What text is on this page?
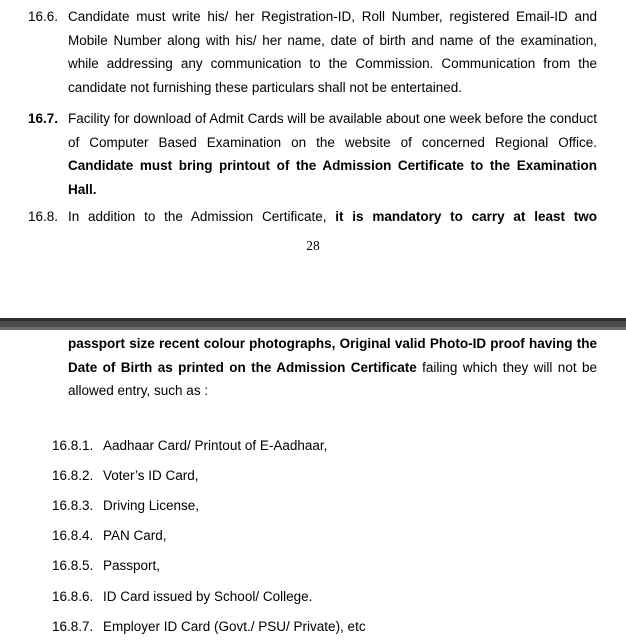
16.6. Candidate must write his/ her Registration-ID, Roll Number, registered Email-ID and Mobile Number along with his/ her name, date of birth and name of the examination, while addressing any communication to the Commission. Communication from the candidate not furnishing these particulars shall not be entertained.
16.7. Facility for download of Admit Cards will be available about one week before the conduct of Computer Based Examination on the website of concerned Regional Office. Candidate must bring printout of the Admission Certificate to the Examination Hall.
16.8. In addition to the Admission Certificate, it is mandatory to carry at least two
28
passport size recent colour photographs, Original valid Photo-ID proof having the Date of Birth as printed on the Admission Certificate failing which they will not be allowed entry, such as :
16.8.1. Aadhaar Card/ Printout of E-Aadhaar,
16.8.2. Voter’s ID Card,
16.8.3. Driving License,
16.8.4. PAN Card,
16.8.5. Passport,
16.8.6. ID Card issued by School/ College.
16.8.7. Employer ID Card (Govt./ PSU/ Private), etc
